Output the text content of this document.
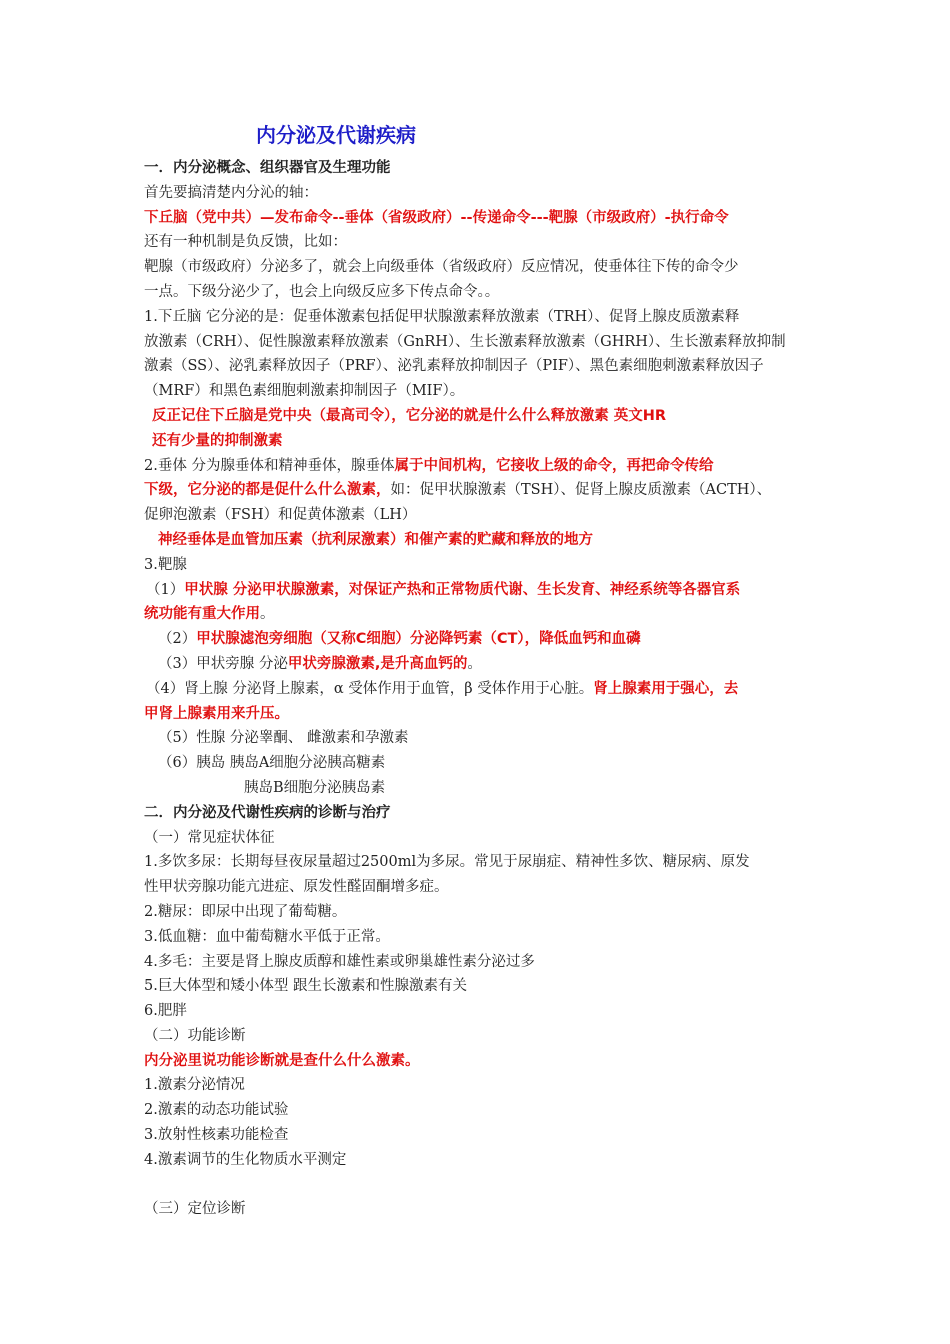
内分泌及代谢疾病
一．内分泌概念、组织器官及生理功能
首先要搞清楚内分沁的轴：
下丘脑（党中共）—发布命令--垂体（省级政府）--传递命令---靶腺（市级政府）-执行命令
还有一种机制是负反馈，比如：
靶腺（市级政府）分泌多了，就会上向级垂体（省级政府）反应情况，使垂体往下传的命令少
一点。下级分泌少了，也会上向级反应多下传点命令。。
1.下丘脑 它分泌的是：促垂体激素包括促甲状腺激素释放激素（TRH）、促肾上腺皮质激素释
放激素（CRH）、促性腺激素释放激素（GnRH）、生长激素释放激素（GHRH）、生长激素释放抑制
激素（SS）、泌乳素释放因子（PRF）、泌乳素释放抑制因子（PIF）、黑色素细胞刺激素释放因子
（MRF）和黑色素细胞刺激素抑制因子（MIF）。
反正记住下丘脑是党中央（最高司令），它分泌的就是什么什么释放激素 英文HR
还有少量的抑制激素
2.垂体 分为腺垂体和精神垂体，腺垂体属于中间机构，它接收上级的命令，再把命令传给
下级，它分泌的都是促什么什么激素，如：促甲状腺激素（TSH）、促肾上腺皮质激素（ACTH）、
促卵泡激素（FSH）和促黄体激素（LH）
神经垂体是血管加压素（抗利尿激素）和催产素的贮藏和释放的地方
3.靶腺
（1）甲状腺 分泌甲状腺激素，对保证产热和正常物质代谢、生长发育、神经系统等各器官系
统功能有重大作用。
（2）甲状腺滤泡旁细胞（又称C细胞）分泌降钙素（CT），降低血钙和血磷
（3）甲状旁腺 分泌甲状旁腺激素,是升高血钙的。
（4）肾上腺 分泌肾上腺素，α 受体作用于血管，β 受体作用于心脏。肾上腺素用于强心，去
甲肾上腺素用来升压。
（5）性腺 分泌睾酮、 雌激素和孕激素
（6）胰岛 胰岛A细胞分泌胰高糖素
胰岛B细胞分泌胰岛素
二．内分泌及代谢性疾病的诊断与治疗
（一）常见症状体征
1.多饮多尿：长期每昼夜尿量超过2500ml为多尿。常见于尿崩症、精神性多饮、糖尿病、原发
性甲状旁腺功能亢进症、原发性醛固酮增多症。
2.糖尿：即尿中出现了葡萄糖。
3.低血糖：血中葡萄糖水平低于正常。
4.多毛：主要是肾上腺皮质醇和雄性素或卵巢雄性素分泌过多
5.巨大体型和矮小体型 跟生长激素和性腺激素有关
6.肥胖
（二）功能诊断
内分泌里说功能诊断就是查什么什么激素。
1.激素分泌情况
2.激素的动态功能试验
3.放射性核素功能检查
4.激素调节的生化物质水平测定
（三）定位诊断
